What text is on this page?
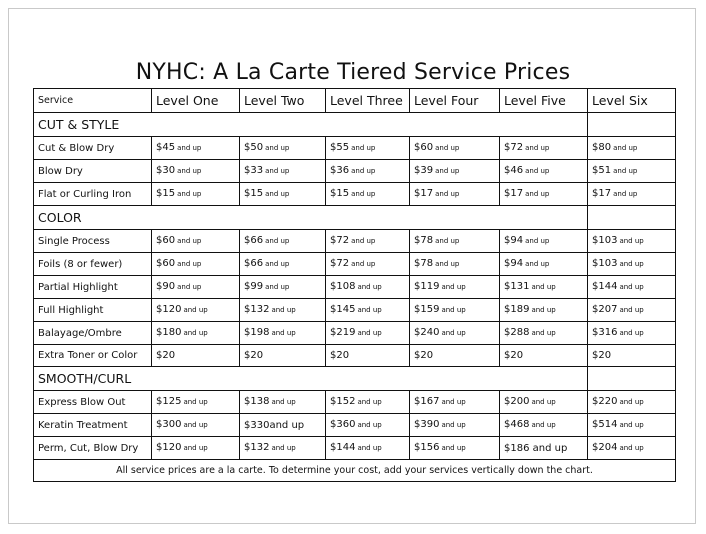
NYHC: A La Carte Tiered Service Prices
Service	Level One	Level Two	Level Three	Level Four	Level Five	Level Six
CUT & STYLE						
Cut & Blow Dry	$45 and up	$50 and up	$55 and up	$60 and up	$72 and up	$80 and up
Blow Dry	$30 and up	$33 and up	$36 and up	$39 and up	$46 and up	$51 and up
Flat or Curling Iron	$15 and up	$15 and up	$15 and up	$17 and up	$17 and up	$17 and up
COLOR						
Single Process	$60 and up	$66 and up	$72 and up	$78 and up	$94 and up	$103 and up
Foils (8 or fewer)	$60 and up	$66 and up	$72 and up	$78 and up	$94 and up	$103 and up
Partial Highlight	$90 and up	$99 and up	$108 and up	$119 and up	$131 and up	$144 and up
Full Highlight	$120 and up	$132 and up	$145 and up	$159 and up	$189 and up	$207 and up
Balayage/Ombre	$180 and up	$198 and up	$219 and up	$240 and up	$288 and up	$316 and up
Extra Toner or Color	$20	$20	$20	$20	$20	$20
SMOOTH/CURL						
Express Blow Out	$125 and up	$138 and up	$152 and up	$167 and up	$200 and up	$220 and up
Keratin Treatment	$300 and up	$330and up	$360 and up	$390 and up	$468 and up	$514 and up
Perm, Cut, Blow Dry	$120 and up	$132 and up	$144 and up	$156 and up	$186 and up	$204 and up
All service prices are a la carte. To determine your cost, add your services vertically down the chart.						
